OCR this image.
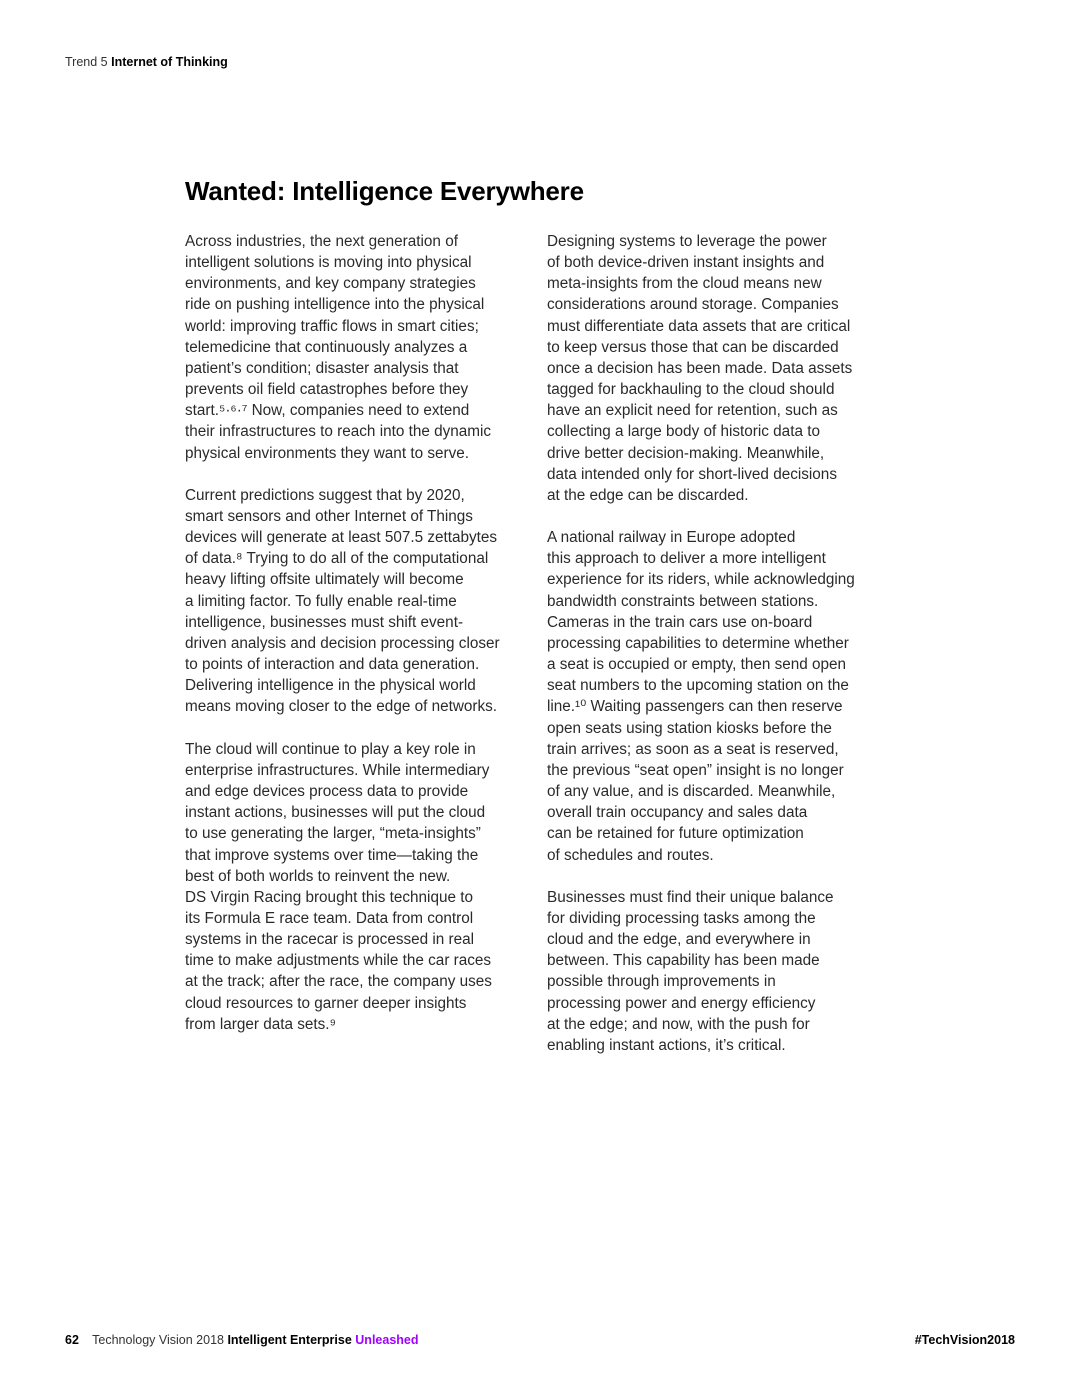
Trend 5 Internet of Thinking
Wanted: Intelligence Everywhere
Across industries, the next generation of
intelligent solutions is moving into physical
environments, and key company strategies
ride on pushing intelligence into the physical
world: improving traffic flows in smart cities;
telemedicine that continuously analyzes a
patient’s condition; disaster analysis that
prevents oil field catastrophes before they
start.⁵·⁶·⁷ Now, companies need to extend
their infrastructures to reach into the dynamic
physical environments they want to serve.
Current predictions suggest that by 2020,
smart sensors and other Internet of Things
devices will generate at least 507.5 zettabytes
of data.⁸ Trying to do all of the computational
heavy lifting offsite ultimately will become
a limiting factor. To fully enable real-time
intelligence, businesses must shift event-
driven analysis and decision processing closer
to points of interaction and data generation.
Delivering intelligence in the physical world
means moving closer to the edge of networks.
The cloud will continue to play a key role in
enterprise infrastructures. While intermediary
and edge devices process data to provide
instant actions, businesses will put the cloud
to use generating the larger, “meta-insights”
that improve systems over time—taking the
best of both worlds to reinvent the new.
DS Virgin Racing brought this technique to
its Formula E race team. Data from control
systems in the racecar is processed in real
time to make adjustments while the car races
at the track; after the race, the company uses
cloud resources to garner deeper insights
from larger data sets.⁹
Designing systems to leverage the power
of both device-driven instant insights and
meta-insights from the cloud means new
considerations around storage. Companies
must differentiate data assets that are critical
to keep versus those that can be discarded
once a decision has been made. Data assets
tagged for backhauling to the cloud should
have an explicit need for retention, such as
collecting a large body of historic data to
drive better decision-making. Meanwhile,
data intended only for short-lived decisions
at the edge can be discarded.
A national railway in Europe adopted
this approach to deliver a more intelligent
experience for its riders, while acknowledging
bandwidth constraints between stations.
Cameras in the train cars use on-board
processing capabilities to determine whether
a seat is occupied or empty, then send open
seat numbers to the upcoming station on the
line.¹⁰ Waiting passengers can then reserve
open seats using station kiosks before the
train arrives; as soon as a seat is reserved,
the previous “seat open” insight is no longer
of any value, and is discarded. Meanwhile,
overall train occupancy and sales data
can be retained for future optimization
of schedules and routes.
Businesses must find their unique balance
for dividing processing tasks among the
cloud and the edge, and everywhere in
between. This capability has been made
possible through improvements in
processing power and energy efficiency
at the edge; and now, with the push for
enabling instant actions, it’s critical.
62 Technology Vision 2018 Intelligent Enterprise Unleashed	#TechVision2018
